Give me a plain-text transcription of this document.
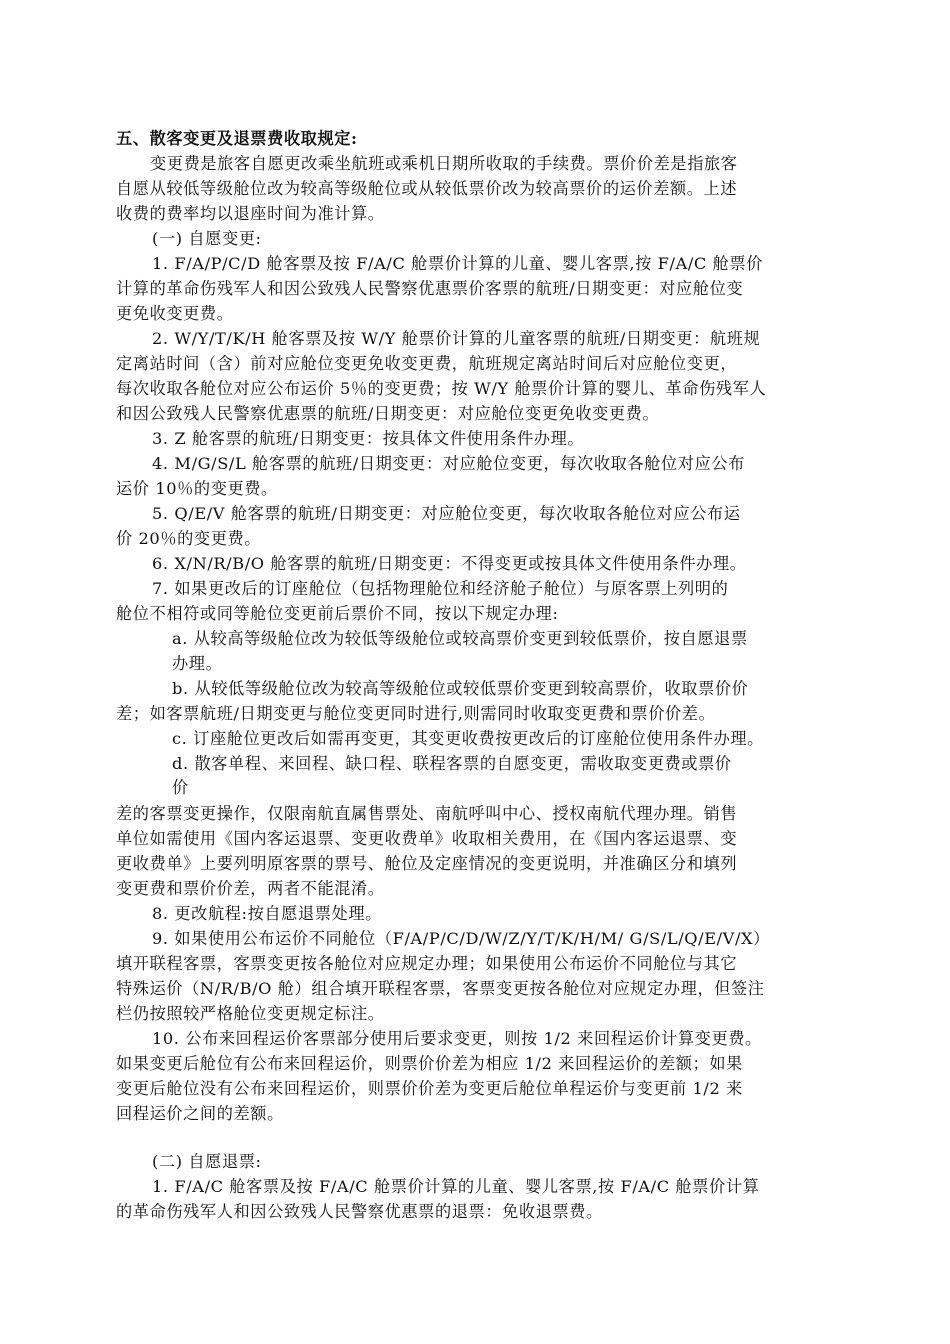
五、散客变更及退票费收取规定:
变更费是旅客自愿更改乘坐航班或乘机日期所收取的手续费。票价价差是指旅客
自愿从较低等级舱位改为较高等级舱位或从较低票价改为较高票价的运价差额。上述
收费的费率均以退座时间为准计算。
(一) 自愿变更:
1. F/A/P/C/D 舱客票及按 F/A/C 舱票价计算的儿童、婴儿客票,按 F/A/C 舱票价
计算的革命伤残军人和因公致残人民警察优惠票价客票的航班/日期变更：对应舱位变
更免收变更费。
2. W/Y/T/K/H 舱客票及按 W/Y 舱票价计算的儿童客票的航班/日期变更：航班规
定离站时间（含）前对应舱位变更免收变更费，航班规定离站时间后对应舱位变更，
每次收取各舱位对应公布运价 5％的变更费；按 W/Y 舱票价计算的婴儿、革命伤残军人
和因公致残人民警察优惠票的航班/日期变更：对应舱位变更免收变更费。
3. Z 舱客票的航班/日期变更：按具体文件使用条件办理。
4. M/G/S/L 舱客票的航班/日期变更：对应舱位变更，每次收取各舱位对应公布
运价 10％的变更费。
5. Q/E/V 舱客票的航班/日期变更：对应舱位变更，每次收取各舱位对应公布运
价 20％的变更费。
6. X/N/R/B/O 舱客票的航班/日期变更：不得变更或按具体文件使用条件办理。
7. 如果更改后的订座舱位（包括物理舱位和经济舱子舱位）与原客票上列明的
舱位不相符或同等舱位变更前后票价不同，按以下规定办理:
a. 从较高等级舱位改为较低等级舱位或较高票价变更到较低票价，按自愿退票
办理。
b. 从较低等级舱位改为较高等级舱位或较低票价变更到较高票价，收取票价价
差；如客票航班/日期变更与舱位变更同时进行,则需同时收取变更费和票价价差。
c. 订座舱位更改后如需再变更，其变更收费按更改后的订座舱位使用条件办理。
d. 散客单程、来回程、缺口程、联程客票的自愿变更，需收取变更费或票价
价
差的客票变更操作，仅限南航直属售票处、南航呼叫中心、授权南航代理办理。销售
单位如需使用《国内客运退票、变更收费单》收取相关费用，在《国内客运退票、变
更收费单》上要列明原客票的票号、舱位及定座情况的变更说明，并准确区分和填列
变更费和票价价差，两者不能混淆。
8. 更改航程:按自愿退票处理。
9. 如果使用公布运价不同舱位（F/A/P/C/D/W/Z/Y/T/K/H/M/ G/S/L/Q/E/V/X）
填开联程客票，客票变更按各舱位对应规定办理；如果使用公布运价不同舱位与其它
特殊运价（N/R/B/O 舱）组合填开联程客票，客票变更按各舱位对应规定办理，但签注
栏仍按照较严格舱位变更规定标注。
10. 公布来回程运价客票部分使用后要求变更，则按 1/2 来回程运价计算变更费。
如果变更后舱位有公布来回程运价，则票价价差为相应 1/2 来回程运价的差额；如果
变更后舱位没有公布来回程运价，则票价价差为变更后舱位单程运价与变更前 1/2 来
回程运价之间的差额。
(二) 自愿退票:
1. F/A/C 舱客票及按 F/A/C 舱票价计算的儿童、婴儿客票,按 F/A/C 舱票价计算
的革命伤残军人和因公致残人民警察优惠票的退票：免收退票费。
